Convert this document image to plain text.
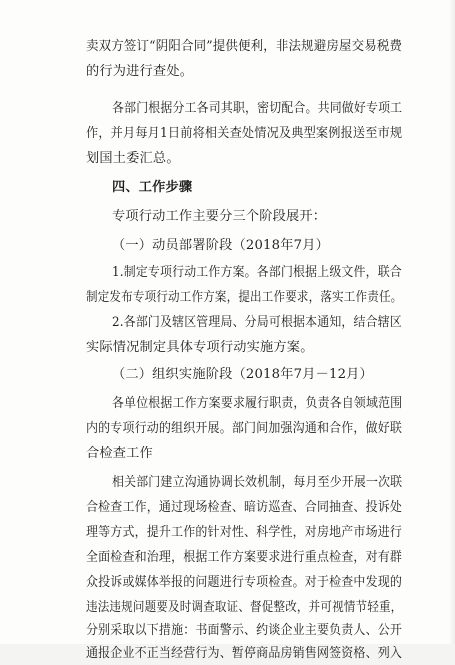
卖双方签订“阴阳合同”提供便利，非法规避房屋交易税费
的行为进行查处。
各部门根据分工各司其职，密切配合。共同做好专项工
作，并月每月1日前将相关查处情况及典型案例报送至市规
划国土委汇总。
四、工作步骤
专项行动工作主要分三个阶段展开：
（一）动员部署阶段（2018年7月）
1.制定专项行动工作方案。各部门根据上级文件，联合
制定发布专项行动工作方案，提出工作要求，落实工作责任。
2.各部门及辖区管理局、分局可根据本通知，结合辖区
实际情况制定具体专项行动实施方案。
（二）组织实施阶段（2018年7月－12月）
各单位根据工作方案要求履行职责，负责各自领域范围
内的专项行动的组织开展。部门间加强沟通和合作，做好联
合检查工作
相关部门建立沟通协调长效机制，每月至少开展一次联
合检查工作，通过现场检查、暗访巡查、合同抽查、投诉处
理等方式，提升工作的针对性、科学性，对房地产市场进行
全面检查和治理，根据工作方案要求进行重点检查，对有群
众投诉或媒体举报的问题进行专项检查。对于检查中发现的
违法违规问题要及时调查取证、督促整改，并可视情节轻重，
分别采取以下措施：书面警示、约谈企业主要负责人、公开
通报企业不正当经营行为、暂停商品房销售网签资格、列入
